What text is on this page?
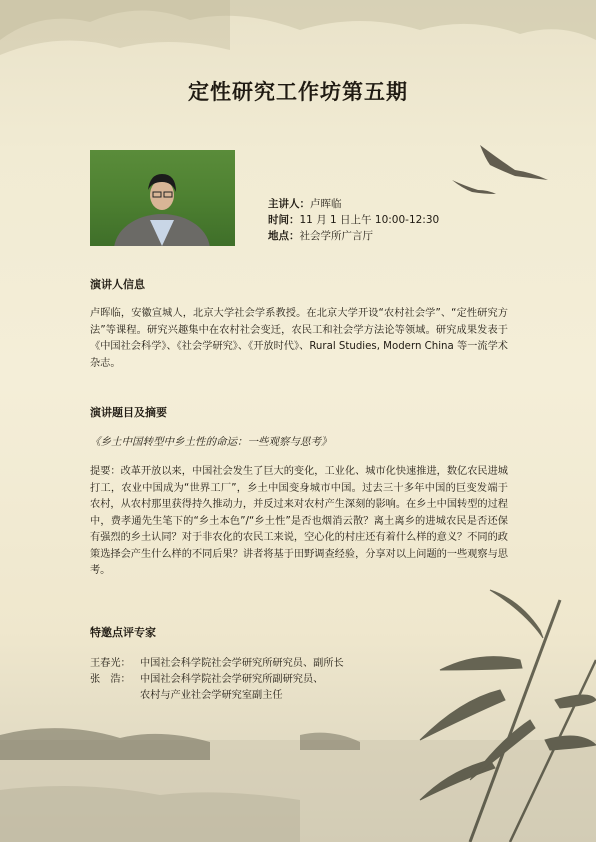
定性研究工作坊第五期
主讲人：卢晖临
时间：11 月 1 日上午 10:00-12:30
地点：社会学所广言厅
演讲人信息
卢晖临，安徽宣城人，北京大学社会学系教授。在北京大学开设“农村社会学”、“定性研究方法”等课程。研究兴趣集中在农村社会变迁，农民工和社会学方法论等领域。研究成果发表于《中国社会科学》、《社会学研究》、《开放时代》、Rural Studies, Modern China 等一流学术杂志。
演讲题目及摘要
《乡土中国转型中乡土性的命运：一些观察与思考》
提要：改革开放以来，中国社会发生了巨大的变化，工业化、城市化快速推进，数亿农民进城打工，农业中国成为“世界工厂”，乡土中国变身城市中国。过去三十多年中国的巨变发端于农村，从农村那里获得持久推动力，并反过来对农村产生深刻的影响。在乡土中国转型的过程中，费孝通先生笔下的“乡土本色”/“乡土性”是否也烟消云散？离土离乡的进城农民是否还保有强烈的乡土认同？对于非农化的农民工来说，空心化的村庄还有着什么样的意义？不同的政策选择会产生什么样的不同后果？讲者将基于田野调查经验，分享对以上问题的一些观察与思考。
特邀点评专家
王春光： 中国社会科学院社会学研究所研究员、副所长
张　浩： 中国社会科学院社会学研究所副研究员、
农村与产业社会学研究室副主任
